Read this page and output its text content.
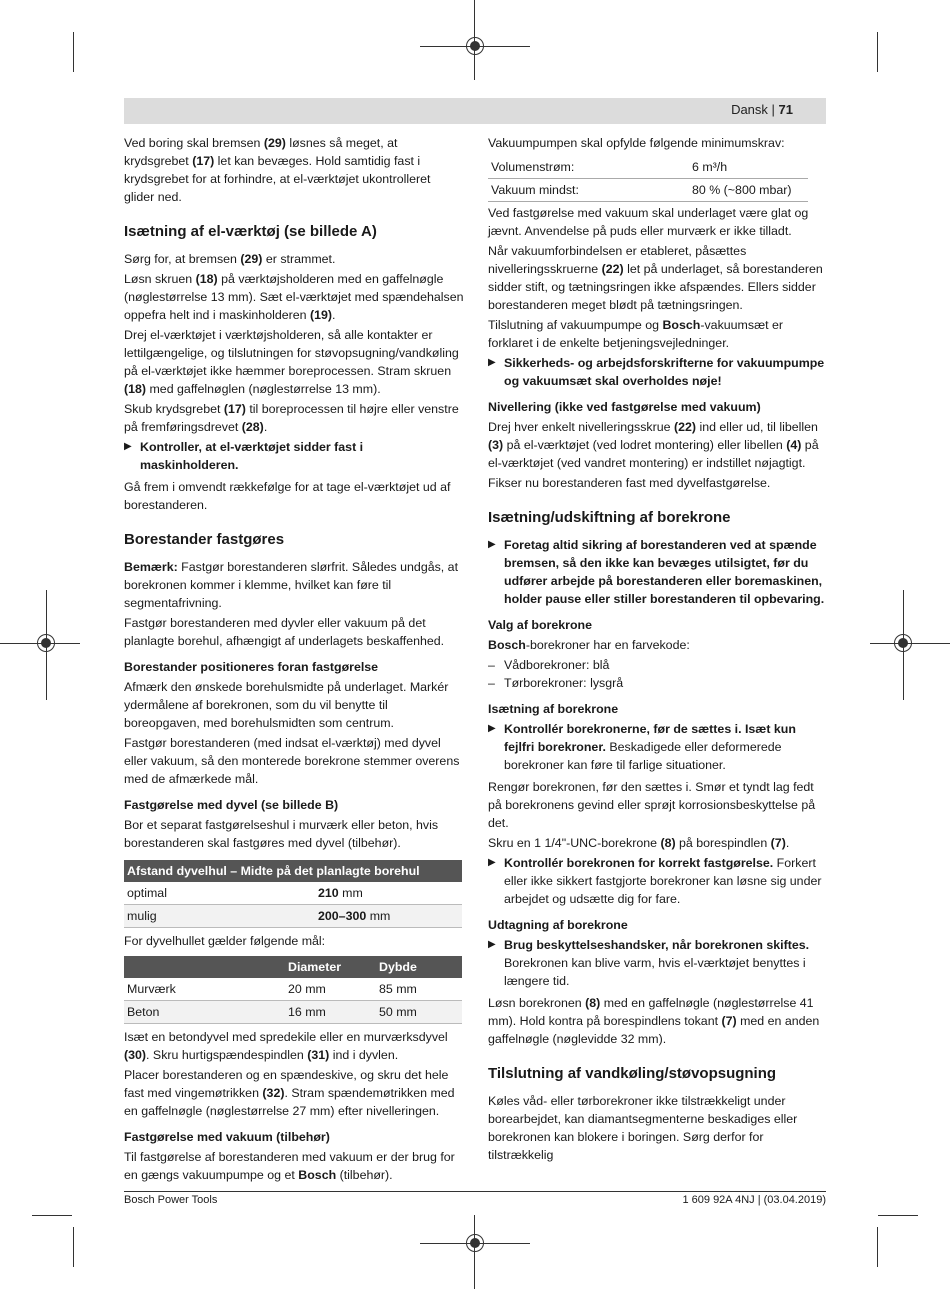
Dansk | 71

Ved boring skal bremsen (29) løsnes så meget, at krydsgrebet (17) let kan bevæges. Hold samtidig fast i krydsgrebet for at forhindre, at el-værktøjet ukontrolleret glider ned.

Isætning af el-værktøj (se billede A)

Sørg for, at bremsen (29) er strammet.

Løsn skruen (18) på værktøjsholderen med en gaffelnøgle (nøglestørrelse 13 mm). Sæt el-værktøjet med spændehalsen oppefra helt ind i maskinholderen (19).

Drej el-værktøjet i værktøjsholderen, så alle kontakter er lettilgængelige, og tilslutningen for støvopsugning/vandkøling på el-værktøjet ikke hæmmer boreprocessen. Stram skruen (18) med gaffelnøglen (nøglestørrelse 13 mm).

Skub krydsgrebet (17) til boreprocessen til højre eller venstre på fremføringsdrevet (28).

▶ Kontroller, at el-værktøjet sidder fast i maskinholderen.

Gå frem i omvendt rækkefølge for at tage el-værktøjet ud af borestanderen.

Borestander fastgøres

Bemærk: Fastgør borestanderen slørfrit. Således undgås, at borekronen kommer i klemme, hvilket kan føre til segmentafrivning.

Fastgør borestanderen med dyvler eller vakuum på det planlagte borehul, afhængigt af underlagets beskaffenhed.

Borestander positioneres foran fastgørelse

Afmærk den ønskede borehulsmidte på underlaget. Markér ydermålene af borekronen, som du vil benytte til boreopgaven, med borehulsmidten som centrum.

Fastgør borestanderen (med indsat el-værktøj) med dyvel eller vakuum, så den monterede borekrone stemmer overens med de afmærkede mål.

Fastgørelse med dyvel (se billede B)

Bor et separat fastgørelseshul i murværk eller beton, hvis borestanderen skal fastgøres med dyvel (tilbehør).

Afstand dyvelhul – Midte på det planlagte borehul	
optimal	210 mm
mulig	200–300 mm

For dyvelhullet gælder følgende mål:

	Diameter	Dybde
Murværk	20 mm	85 mm
Beton	16 mm	50 mm

Isæt en betondyvel med spredekile eller en murværksdyvel (30). Skru hurtigspændespindlen (31) ind i dyvlen.

Placer borestanderen og en spændeskive, og skru det hele fast med vingemøtrikken (32). Stram spændemøtrikken med en gaffelnøgle (nøglestørrelse 27 mm) efter nivelleringen.

Fastgørelse med vakuum (tilbehør)

Til fastgørelse af borestanderen med vakuum er der brug for en gængs vakuumpumpe og et Bosch (tilbehør).

Vakuumpumpen skal opfylde følgende minimumskrav:

Volumenstrøm:	6 m³/h
Vakuum mindst:	80 % (~800 mbar)

Ved fastgørelse med vakuum skal underlaget være glat og jævnt. Anvendelse på puds eller murværk er ikke tilladt.

Når vakuumforbindelsen er etableret, påsættes nivelleringsskruerne (22) let på underlaget, så borestanderen sidder stift, og tætningsringen ikke afspændes. Ellers sidder borestanderen meget blødt på tætningsringen.

Tilslutning af vakuumpumpe og Bosch-vakuumsæt er forklaret i de enkelte betjeningsvejledninger.

▶ Sikkerheds- og arbejdsforskrifterne for vakuumpumpe og vakuumsæt skal overholdes nøje!
Nivellering (ikke ved fastgørelse med vakuum)

Drej hver enkelt nivelleringsskrue (22) ind eller ud, til libellen (3) på el-værktøjet (ved lodret montering) eller libellen (4) på el-værktøjet (ved vandret montering) er indstillet nøjagtigt.

Fikser nu borestanderen fast med dyvelfastgørelse.

Isætning/udskiftning af borekrone
▶ Foretag altid sikring af borestanderen ved at spænde bremsen, så den ikke kan bevæges utilsigtet, før du udfører arbejde på borestanderen eller boremaskinen, holder pause eller stiller borestanderen til opbevaring.
Valg af borekrone

Bosch-borekroner har en farvekode:

– Vådborekroner: blå
– Tørborekroner: lysgrå
Isætning af borekrone
▶ Kontrollér borekronerne, før de sættes i. Isæt kun fejlfri borekroner. Beskadigede eller deformerede borekroner kan føre til farlige situationer.

Rengør borekronen, før den sættes i. Smør et tyndt lag fedt på borekronens gevind eller sprøjt korrosionsbeskyttelse på det.

Skru en 1 1/4"-UNC-borekrone (8) på borespindlen (7).

▶ Kontrollér borekronen for korrekt fastgørelse. Forkert eller ikke sikkert fastgjorte borekroner kan løsne sig under arbejdet og udsætte dig for fare.
Udtagning af borekrone
▶ Brug beskyttelseshandsker, når borekronen skiftes. Borekronen kan blive varm, hvis el-værktøjet benyttes i længere tid.

Løsn borekronen (8) med en gaffelnøgle (nøglestørrelse 41 mm). Hold kontra på borespindlens tokant (7) med en anden gaffelnøgle (nøglevidde 32 mm).

Tilslutning af vandkøling/støvopsugning

Køles våd- eller tørborekroner ikke tilstrækkeligt under borearbejdet, kan diamantsegmenterne beskadiges eller borekronen kan blokere i boringen. Sørg derfor for tilstrækkelig

Bosch Power Tools	1 609 92A 4NJ | (03.04.2019)
